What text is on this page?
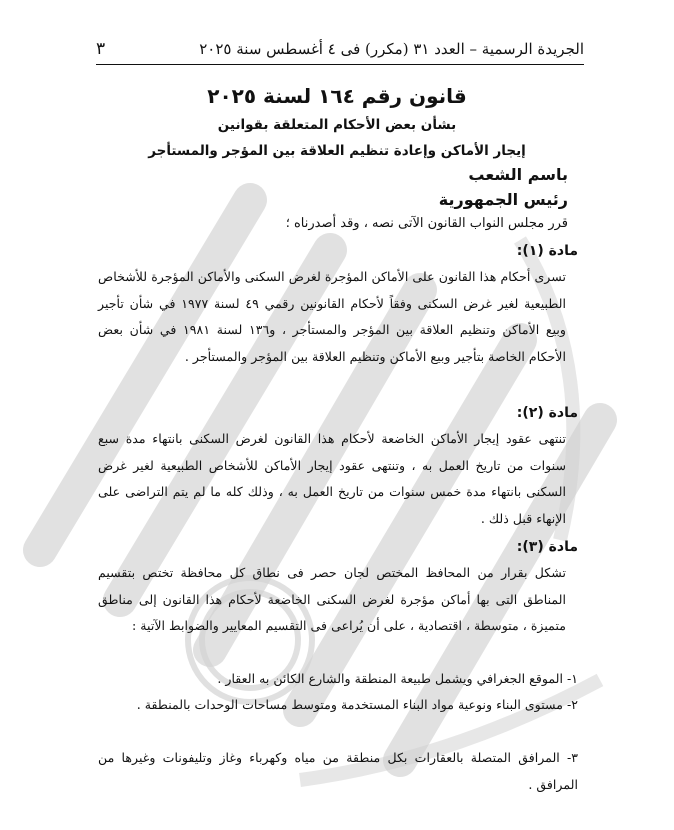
الجريدة الرسمية – العدد ٣١ (مكرر) فى ٤ أغسطس سنة ٢٠٢٥
٣
قانون رقم ١٦٤ لسنة ٢٠٢٥
بشأن بعض الأحكام المتعلقة بقوانين
إيجار الأماكن وإعادة تنظيم العلاقة بين المؤجر والمستأجر
باسم الشعب
رئيس الجمهورية
قرر مجلس النواب القانون الآتى نصه ، وقد أصدرناه ؛
مادة (١):
تسرى أحكام هذا القانون على الأماكن المؤجرة لغرض السكنى والأماكن المؤجرة للأشخاص الطبيعية لغير غرض السكنى وفقاً لأحكام القانونين رقمي ٤٩ لسنة ١٩٧٧ في شأن تأجير وبيع الأماكن وتنظيم العلاقة بين المؤجر والمستأجر ، و١٣٦ لسنة ١٩٨١ في شأن بعض الأحكام الخاصة بتأجير وبيع الأماكن وتنظيم العلاقة بين المؤجر والمستأجر .
مادة (٢):
تنتهى عقود إيجار الأماكن الخاضعة لأحكام هذا القانون لغرض السكنى بانتهاء مدة سبع سنوات من تاريخ العمل به ، وتنتهى عقود إيجار الأماكن للأشخاص الطبيعية لغير غرض السكنى بانتهاء مدة خمس سنوات من تاريخ العمل به ، وذلك كله ما لم يتم التراضى على الإنهاء قبل ذلك .
مادة (٣):
تشكل بقرار من المحافظ المختص لجان حصر فى نطاق كل محافظة تختص بتقسيم المناطق التى بها أماكن مؤجرة لغرض السكنى الخاضعة لأحكام هذا القانون إلى مناطق متميزة ، متوسطة ، اقتصادية ، على أن يُراعى فى التقسيم المعايير والضوابط الآتية :
١- الموقع الجغرافي ويشمل طبيعة المنطقة والشارع الكائن به العقار .
٢- مستوى البناء ونوعية مواد البناء المستخدمة ومتوسط مساحات الوحدات بالمنطقة .
٣- المرافق المتصلة بالعقارات بكل منطقة من مياه وكهرباء وغاز وتليفونات وغيرها من المرافق .
